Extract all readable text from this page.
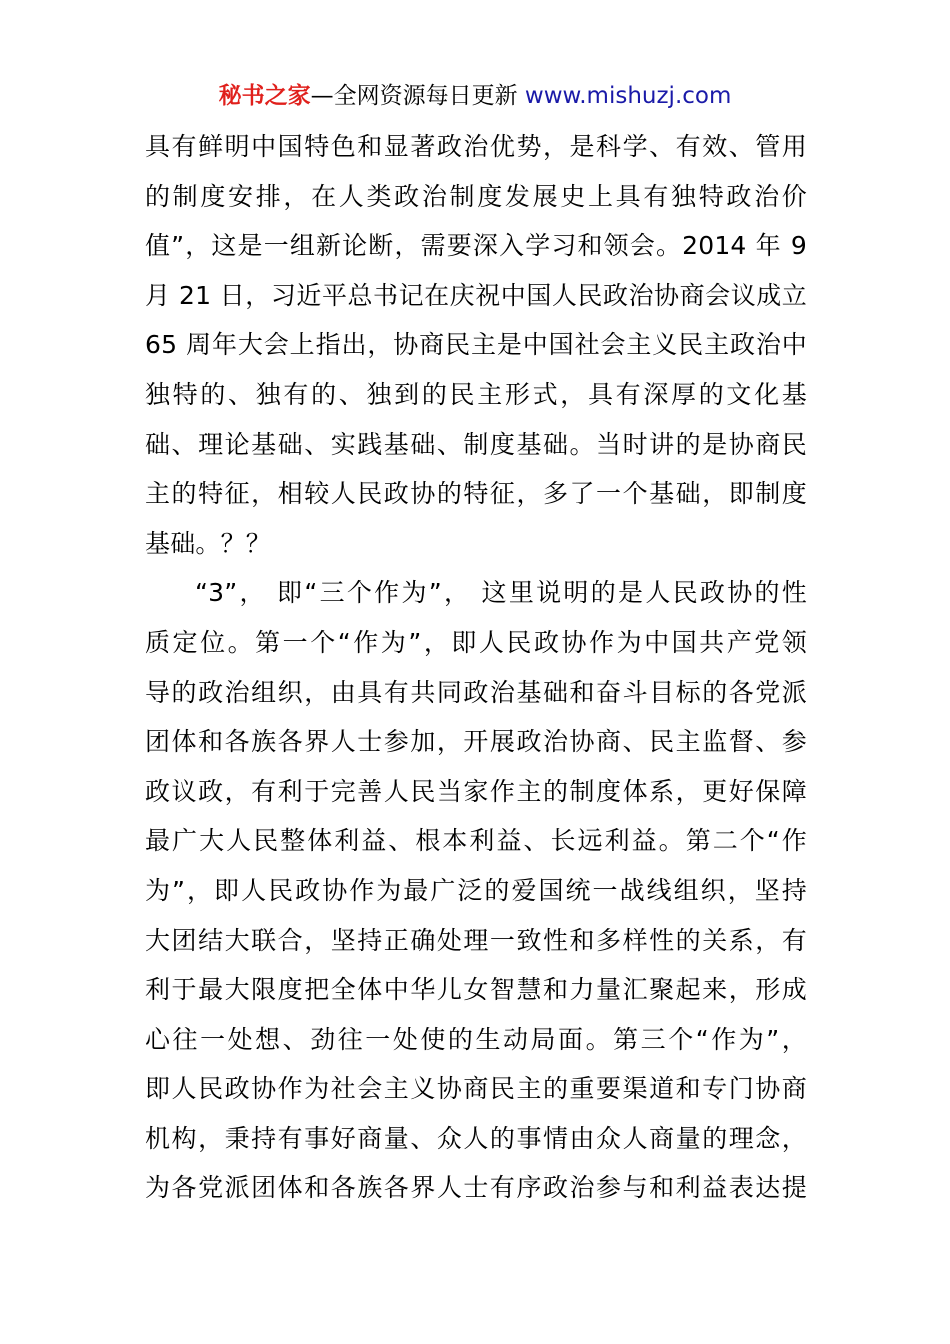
秘书之家—全网资源每日更新 www.mishuzj.com
具有鲜明中国特色和显著政治优势，是科学、有效、管用
的制度安排，在人类政治制度发展史上具有独特政治价
值”，这是一组新论断，需要深入学习和领会。2014 年 9
月 21 日，习近平总书记在庆祝中国人民政治协商会议成立
65 周年大会上指出，协商民主是中国社会主义民主政治中
独特的、独有的、独到的民主形式，具有深厚的文化基
础、理论基础、实践基础、制度基础。当时讲的是协商民
主的特征，相较人民政协的特征，多了一个基础，即制度
基础。？？
“3”， 即“三个作为”， 这里说明的是人民政协的性
质定位。第一个“作为”，即人民政协作为中国共产党领
导的政治组织，由具有共同政治基础和奋斗目标的各党派
团体和各族各界人士参加，开展政治协商、民主监督、参
政议政，有利于完善人民当家作主的制度体系，更好保障
最广大人民整体利益、根本利益、长远利益。第二个“作
为”，即人民政协作为最广泛的爱国统一战线组织，坚持
大团结大联合，坚持正确处理一致性和多样性的关系，有
利于最大限度把全体中华儿女智慧和力量汇聚起来，形成
心往一处想、劲往一处使的生动局面。第三个“作为”，
即人民政协作为社会主义协商民主的重要渠道和专门协商
机构，秉持有事好商量、众人的事情由众人商量的理念，
为各党派团体和各族各界人士有序政治参与和利益表达提
